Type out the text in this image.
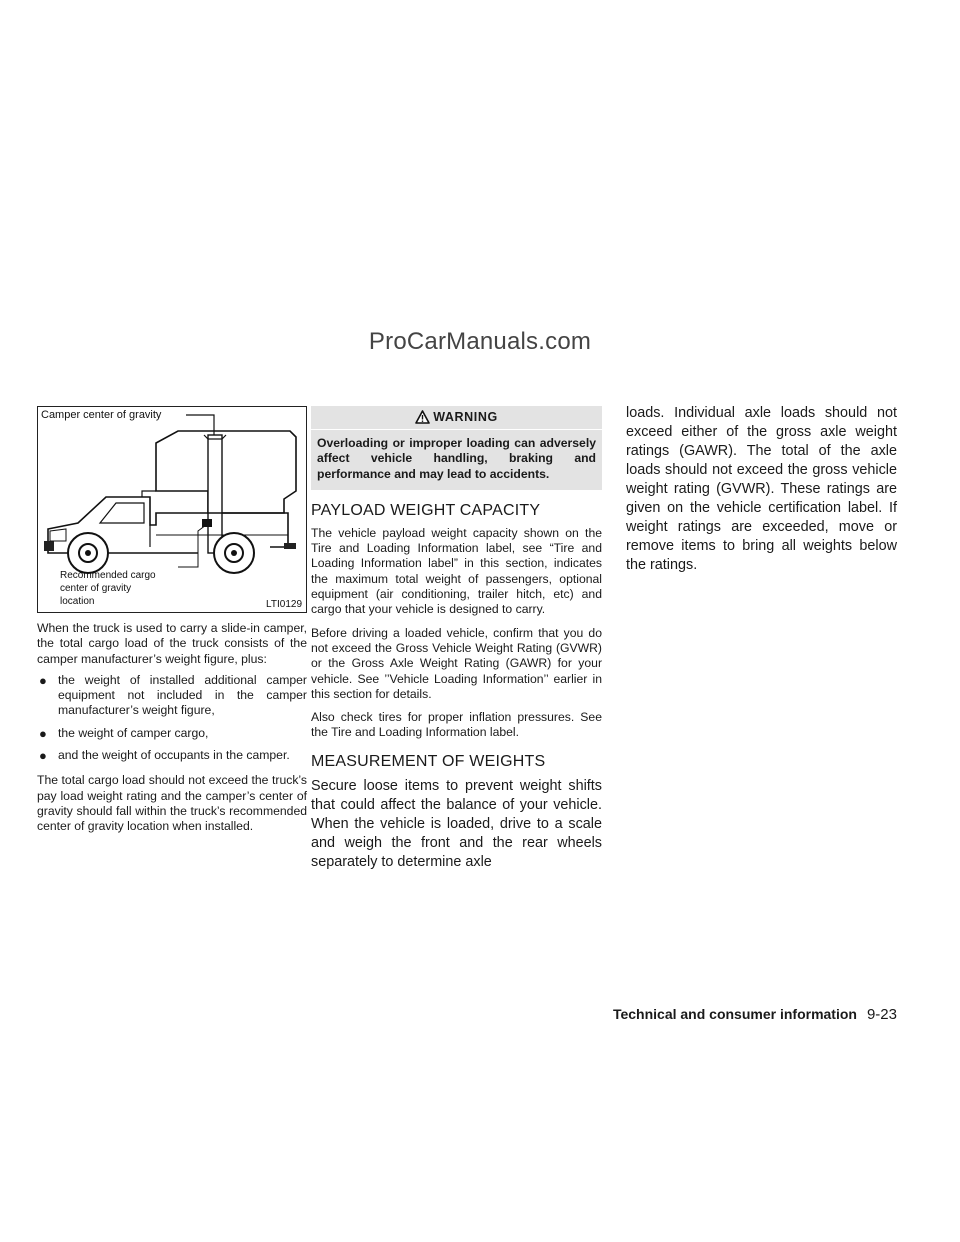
ProCarManuals.com
Camper center of gravity
Recommended cargo
center of gravity
location	LTI0129

When the truck is used to carry a slide-in camper, the total cargo load of the truck consists of the camper manufacturer’s weight figure, plus:

● the weight of installed additional camper equipment not included in the camper manufacturer’s weight figure,
● the weight of camper cargo,
● and the weight of occupants in the camper.

The total cargo load should not exceed the truck’s pay load weight rating and the camper’s center of gravity should fall within the truck’s recommended center of gravity location when installed.

WARNING

Overloading or improper loading can adversely affect vehicle handling, braking and performance and may lead to accidents.

PAYLOAD WEIGHT CAPACITY

The vehicle payload weight capacity shown on the Tire and Loading Information label, see “Tire and Loading Information label” in this section, indicates the maximum total weight of passengers, optional equipment (air conditioning, trailer hitch, etc) and cargo that your vehicle is designed to carry.

Before driving a loaded vehicle, confirm that you do not exceed the Gross Vehicle Weight Rating (GVWR) or the Gross Axle Weight Rating (GAWR) for your vehicle. See ’’Vehicle Loading Information’’ earlier in this section for details.

Also check tires for proper inflation pressures. See the Tire and Loading Information label.

MEASUREMENT OF WEIGHTS

Secure loose items to prevent weight shifts that could affect the balance of your vehicle. When the vehicle is loaded, drive to a scale and weigh the front and the rear wheels separately to determine axle

loads. Individual axle loads should not exceed either of the gross axle weight ratings (GAWR). The total of the axle loads should not exceed the gross vehicle weight rating (GVWR). These ratings are given on the vehicle certification label. If weight ratings are exceeded, move or remove items to bring all weights below the ratings.

Technical and consumer information 9-23
